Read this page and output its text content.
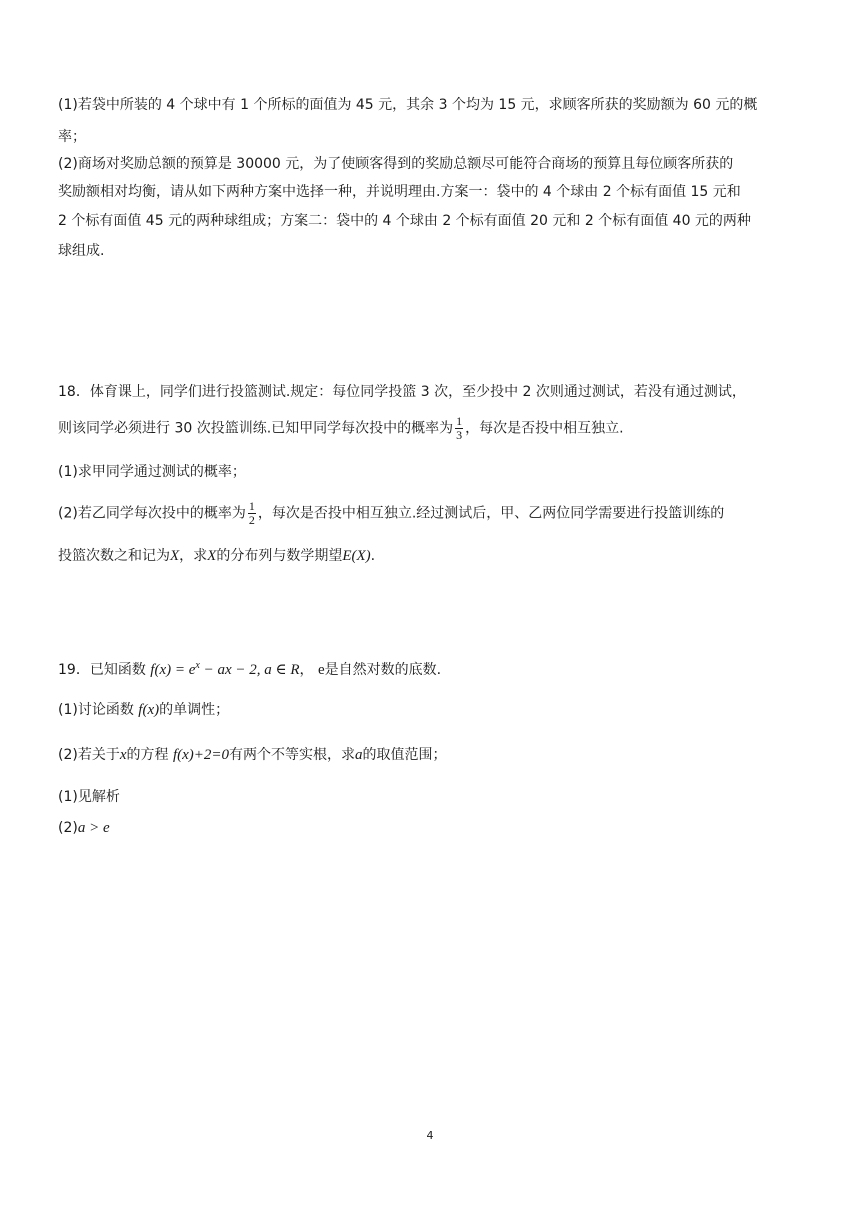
(1)若袋中所装的 4 个球中有 1 个所标的面值为 45 元，其余 3 个均为 15 元，求顾客所获的奖励额为 60 元的概
率；
(2)商场对奖励总额的预算是 30000 元，为了使顾客得到的奖励总额尽可能符合商场的预算且每位顾客所获的
奖励额相对均衡，请从如下两种方案中选择一种，并说明理由.方案一：袋中的 4 个球由 2 个标有面值 15 元和
2 个标有面值 45 元的两种球组成；方案二：袋中的 4 个球由 2 个标有面值 20 元和 2 个标有面值 40 元的两种
球组成.
18．体育课上，同学们进行投篮测试.规定：每位同学投篮 3 次，至少投中 2 次则通过测试，若没有通过测试，
则该同学必须进行 30 次投篮训练.已知甲同学每次投中的概率为 $\frac{1}{3}$ ，每次是否投中相互独立.
(1)求甲同学通过测试的概率；
(2)若乙同学每次投中的概率为 $\frac{1}{2}$ ，每次是否投中相互独立.经过测试后，甲、乙两位同学需要进行投篮训练的
投篮次数之和记为X，求X的分布列与数学期望E(X).
19．已知函数 $f(x) = e^x$ − ax − 2, a ∈ R， e是自然对数的底数.
(1)讨论函数 f(x)的单调性；
(2)若关于x的方程 f(x)+2=0有两个不等实根，求a的取值范围；
(1)见解析
(2)a > e
4
